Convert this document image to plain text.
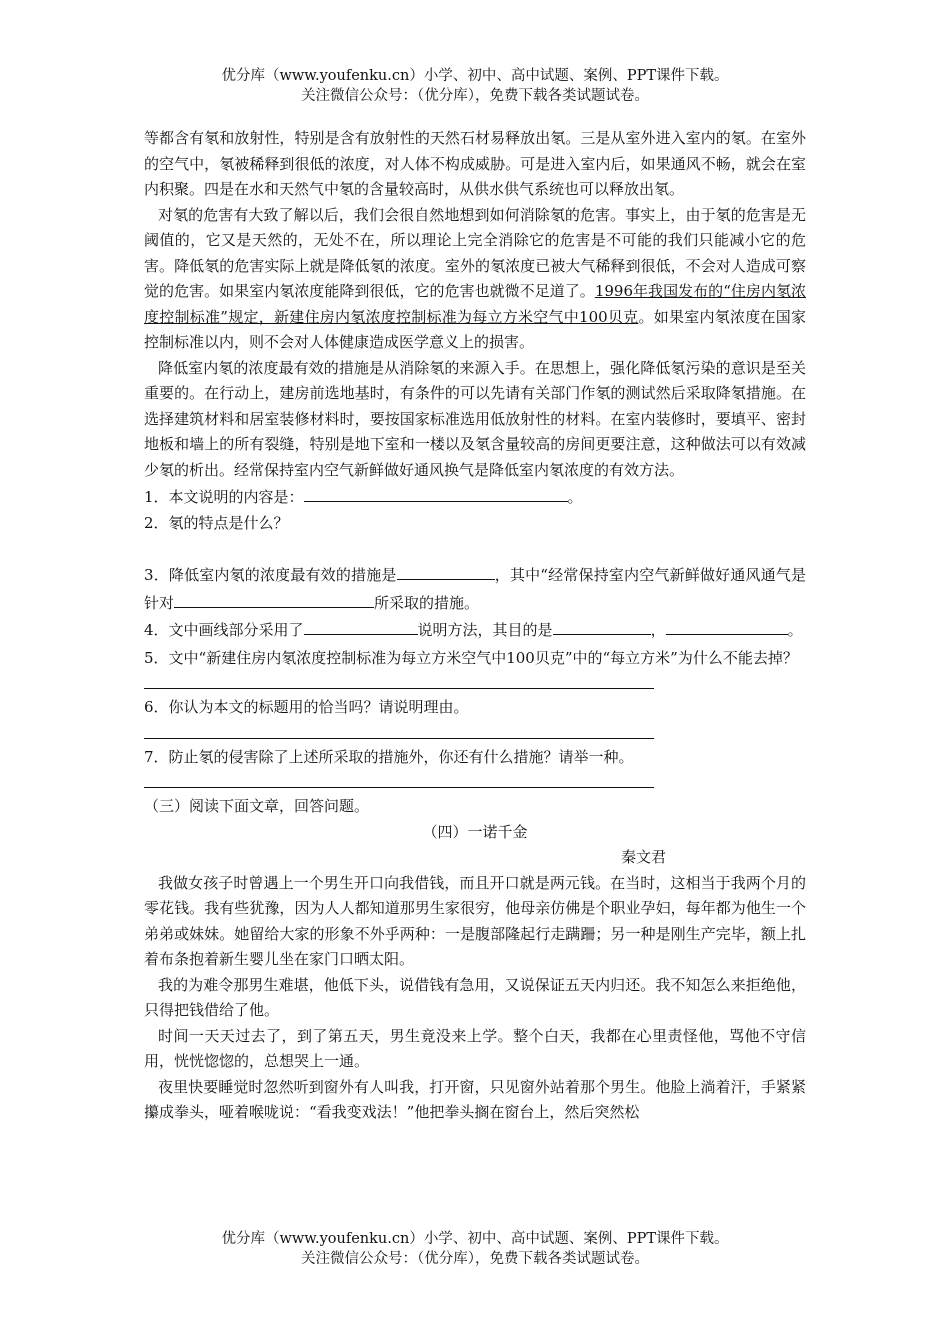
优分库（www.youfenku.cn）小学、初中、高中试题、案例、PPT课件下载。
关注微信公众号：（优分库），免费下载各类试题试卷。

等都含有氡和放射性，特别是含有放射性的天然石材易释放出氡。三是从室外进入室内的氡。在室外的空气中，氡被稀释到很低的浓度，对人体不构成威胁。可是进入室内后，如果通风不畅，就会在室内积聚。四是在水和天然气中氡的含量较高时，从供水供气系统也可以释放出氡。

对氡的危害有大致了解以后，我们会很自然地想到如何消除氡的危害。事实上，由于氡的危害是无阈值的，它又是天然的，无处不在，所以理论上完全消除它的危害是不可能的我们只能减小它的危害。降低氡的危害实际上就是降低氡的浓度。室外的氡浓度已被大气稀释到很低，不会对人造成可察觉的危害。如果室内氡浓度能降到很低，它的危害也就微不足道了。1996年我国发布的“住房内氡浓度控制标准”规定，新建住房内氡浓度控制标准为每立方米空气中100贝克。如果室内氡浓度在国家控制标准以内，则不会对人体健康造成医学意义上的损害。

降低室内氡的浓度最有效的措施是从消除氡的来源入手。在思想上，强化降低氡污染的意识是至关重要的。在行动上，建房前选地基时，有条件的可以先请有关部门作氡的测试然后采取降氡措施。在选择建筑材料和居室装修材料时，要按国家标准选用低放射性的材料。在室内装修时，要填平、密封地板和墙上的所有裂缝，特别是地下室和一楼以及氡含量较高的房间更要注意，这种做法可以有效减少氡的析出。经常保持室内空气新鲜做好通风换气是降低室内氡浓度的有效方法。

1．本文说明的内容是：	。

2．氡的特点是什么？

3．降低室内氡的浓度最有效的措施是	，其中“经常保持室内空气新鲜做好通风通气是针对	所采取的措施。

4．文中画线部分采用了	说明方法，其目的是	，	。

5．文中“新建住房内氡浓度控制标准为每立方米空气中100贝克”中的“每立方米”为什么不能去掉？

6．你认为本文的标题用的恰当吗？请说明理由。

7．防止氡的侵害除了上述所采取的措施外，你还有什么措施？请举一种。

（三）阅读下面文章，回答问题。

（四）一诺千金

秦文君

我做女孩子时曾遇上一个男生开口向我借钱，而且开口就是两元钱。在当时，这相当于我两个月的零花钱。我有些犹豫，因为人人都知道那男生家很穷，他母亲仿佛是个职业孕妇，每年都为他生一个弟弟或妹妹。她留给大家的形象不外乎两种：一是腹部隆起行走蹒跚；另一种是刚生产完毕，额上扎着布条抱着新生婴儿坐在家门口晒太阳。

我的为难令那男生难堪，他低下头，说借钱有急用，又说保证五天内归还。我不知怎么来拒绝他，只得把钱借给了他。

时间一天天过去了，到了第五天，男生竟没来上学。整个白天，我都在心里责怪他，骂他不守信用，恍恍惚惚的，总想哭上一通。

夜里快要睡觉时忽然听到窗外有人叫我，打开窗，只见窗外站着那个男生。他脸上淌着汗，手紧紧攥成拳头，哑着喉咙说：“看我变戏法！”他把拳头搁在窗台上，然后突然松

优分库（www.youfenku.cn）小学、初中、高中试题、案例、PPT课件下载。
关注微信公众号：（优分库），免费下载各类试题试卷。
